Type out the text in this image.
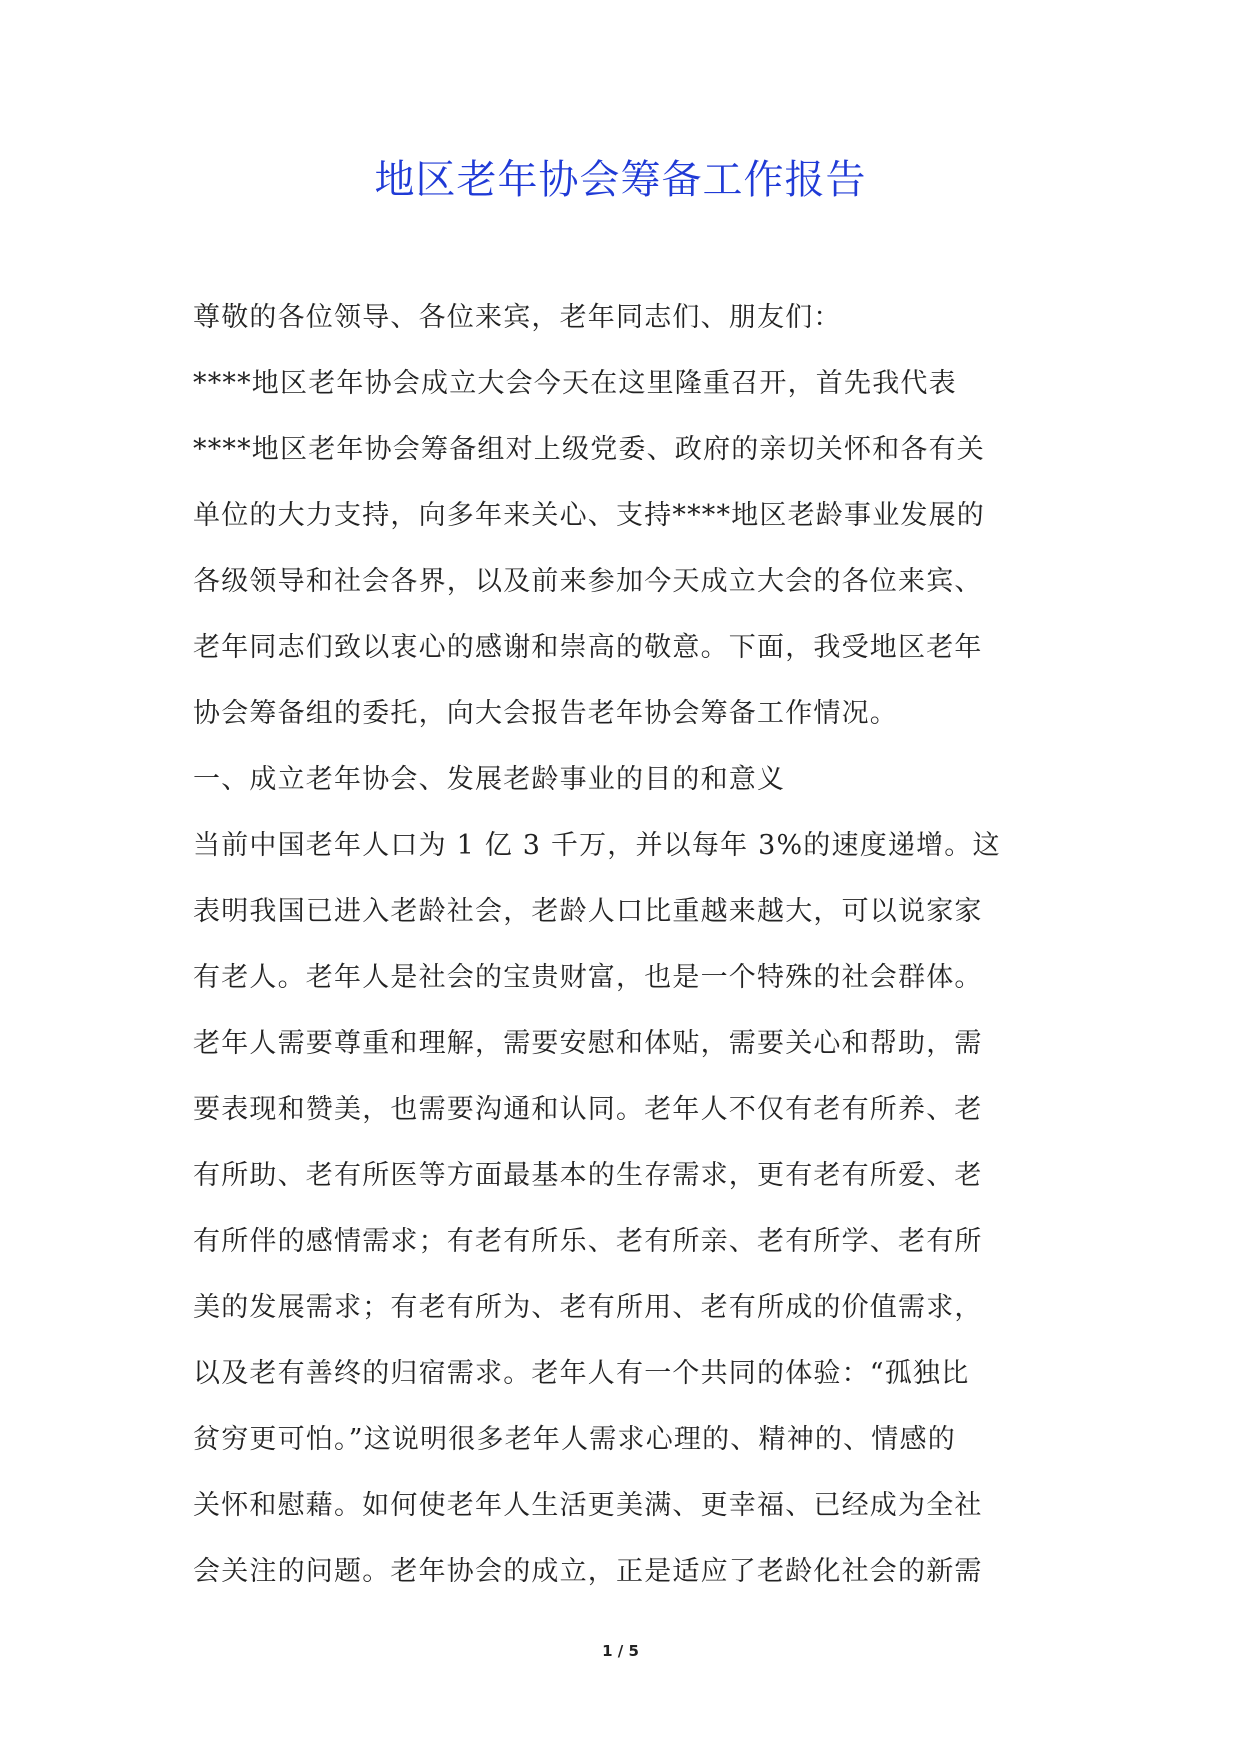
地区老年协会筹备工作报告

尊敬的各位领导、各位来宾，老年同志们、朋友们：

****地区老年协会成立大会今天在这里隆重召开，首先我代表

****地区老年协会筹备组对上级党委、政府的亲切关怀和各有关

单位的大力支持，向多年来关心、支持****地区老龄事业发展的

各级领导和社会各界，以及前来参加今天成立大会的各位来宾、

老年同志们致以衷心的感谢和崇高的敬意。下面，我受地区老年

协会筹备组的委托，向大会报告老年协会筹备工作情况。

一、成立老年协会、发展老龄事业的目的和意义

当前中国老年人口为 1 亿 3 千万，并以每年 3%的速度递增。这

表明我国已进入老龄社会，老龄人口比重越来越大，可以说家家

有老人。老年人是社会的宝贵财富，也是一个特殊的社会群体。

老年人需要尊重和理解，需要安慰和体贴，需要关心和帮助，需

要表现和赞美，也需要沟通和认同。老年人不仅有老有所养、老

有所助、老有所医等方面最基本的生存需求，更有老有所爱、老

有所伴的感情需求；有老有所乐、老有所亲、老有所学、老有所

美的发展需求；有老有所为、老有所用、老有所成的价值需求，

以及老有善终的归宿需求。老年人有一个共同的体验：“孤独比

贫穷更可怕。”这说明很多老年人需求心理的、精神的、情感的

关怀和慰藉。如何使老年人生活更美满、更幸福、已经成为全社

会关注的问题。老年协会的成立，正是适应了老龄化社会的新需

1 / 5
